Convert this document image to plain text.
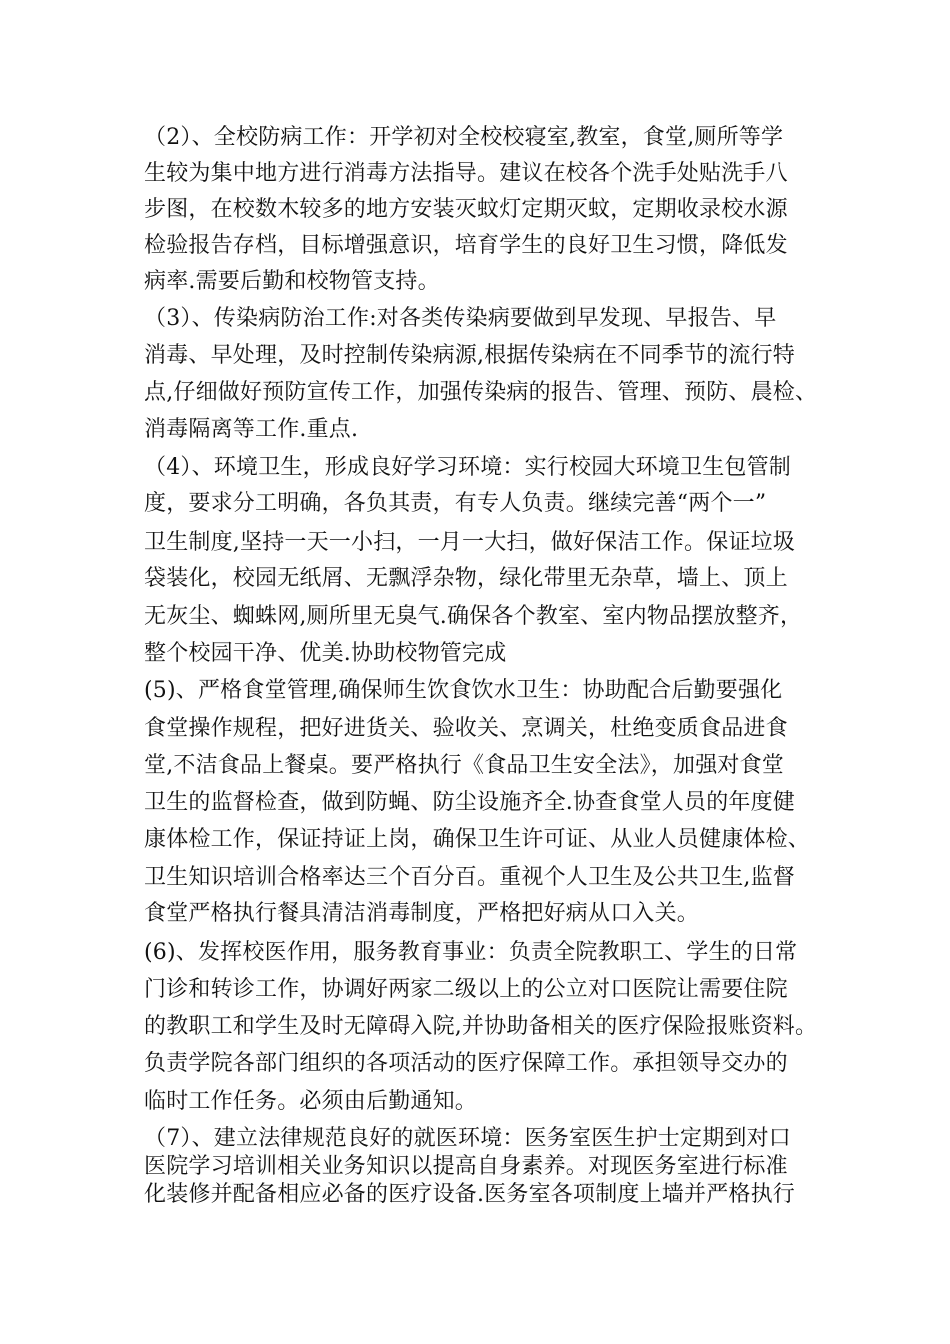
（2）、全校防病工作：开学初对全校校寝室,教室，食堂,厕所等学
生较为集中地方进行消毒方法指导。建议在校各个洗手处贴洗手八
步图，在校数木较多的地方安装灭蚊灯定期灭蚊，定期收录校水源
检验报告存档，目标增强意识，培育学生的良好卫生习惯，降低发
病率.需要后勤和校物管支持。
（3）、传染病防治工作:对各类传染病要做到早发现、早报告、早
消毒、早处理，及时控制传染病源,根据传染病在不同季节的流行特
点,仔细做好预防宣传工作，加强传染病的报告、管理、预防、晨检、
消毒隔离等工作.重点.
（4）、环境卫生，形成良好学习环境：实行校园大环境卫生包管制
度，要求分工明确，各负其责，有专人负责。继续完善“两个一”
卫生制度,坚持一天一小扫，一月一大扫，做好保洁工作。保证垃圾
袋装化，校园无纸屑、无飘浮杂物，绿化带里无杂草，墙上、顶上
无灰尘、蜘蛛网,厕所里无臭气.确保各个教室、室内物品摆放整齐，
整个校园干净、优美.协助校物管完成
(5)、严格食堂管理,确保师生饮食饮水卫生：协助配合后勤要强化
食堂操作规程，把好进货关、验收关、烹调关，杜绝变质食品进食
堂,不洁食品上餐桌。要严格执行《食品卫生安全法》，加强对食堂
卫生的监督检查，做到防蝇、防尘设施齐全.协查食堂人员的年度健
康体检工作，保证持证上岗，确保卫生许可证、从业人员健康体检、
卫生知识培训合格率达三个百分百。重视个人卫生及公共卫生,监督
食堂严格执行餐具清洁消毒制度，严格把好病从口入关。
(6)、发挥校医作用，服务教育事业：负责全院教职工、学生的日常
门诊和转诊工作，协调好两家二级以上的公立对口医院让需要住院
的教职工和学生及时无障碍入院,并协助备相关的医疗保险报账资料。
负责学院各部门组织的各项活动的医疗保障工作。承担领导交办的
临时工作任务。必须由后勤通知。
（7）、建立法律规范良好的就医环境：医务室医生护士定期到对口
医院学习培训相关业务知识以提高自身素养。对现医务室进行标准
化装修并配备相应必备的医疗设备.医务室各项制度上墙并严格执行
